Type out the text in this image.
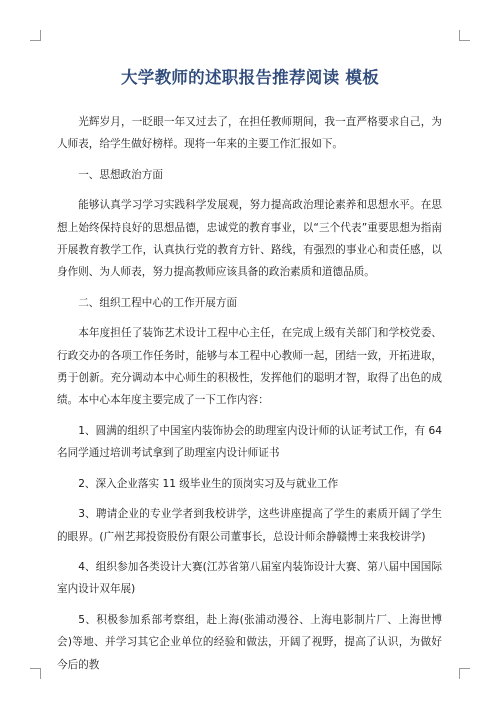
大学教师的述职报告推荐阅读 模板

光辉岁月，一眨眼一年又过去了，在担任教师期间，我一直严格要求自己，为人师表，给学生做好榜样。现将一年来的主要工作汇报如下。

一、思想政治方面

能够认真学习学习实践科学发展观，努力提高政治理论素养和思想水平。在思想上始终保持良好的思想品德，忠诚党的教育事业，以“三个代表”重要思想为指南开展教育教学工作，认真执行党的教育方针、路线，有强烈的事业心和责任感，以身作则、为人师表，努力提高教师应该具备的政治素质和道德品质。

二、组织工程中心的工作开展方面

本年度担任了装饰艺术设计工程中心主任，在完成上级有关部门和学校党委、行政交办的各项工作任务时，能够与本工程中心教师一起，团结一致，开拓进取，勇于创新。充分调动本中心师生的积极性，发挥他们的聪明才智，取得了出色的成绩。本中心本年度主要完成了一下工作内容：

1、圆满的组织了中国室内装饰协会的助理室内设计师的认证考试工作，有 64 名同学通过培训考试拿到了助理室内设计师证书

2、深入企业落实 11 级毕业生的顶岗实习及与就业工作

3、聘请企业的专业学者到我校讲学，这些讲座提高了学生的素质开阔了学生的眼界。(广州艺邦投资股份有限公司董事长，总设计师余静赣博士来我校讲学)

4、组织参加各类设计大赛(江苏省第八届室内装饰设计大赛、第八届中国国际室内设计双年展)

5、积极参加系部考察组，赴上海(张浦动漫谷、上海电影制片厂、上海世博会)等地、并学习其它企业单位的经验和做法，开阔了视野，提高了认识，为做好今后的教
